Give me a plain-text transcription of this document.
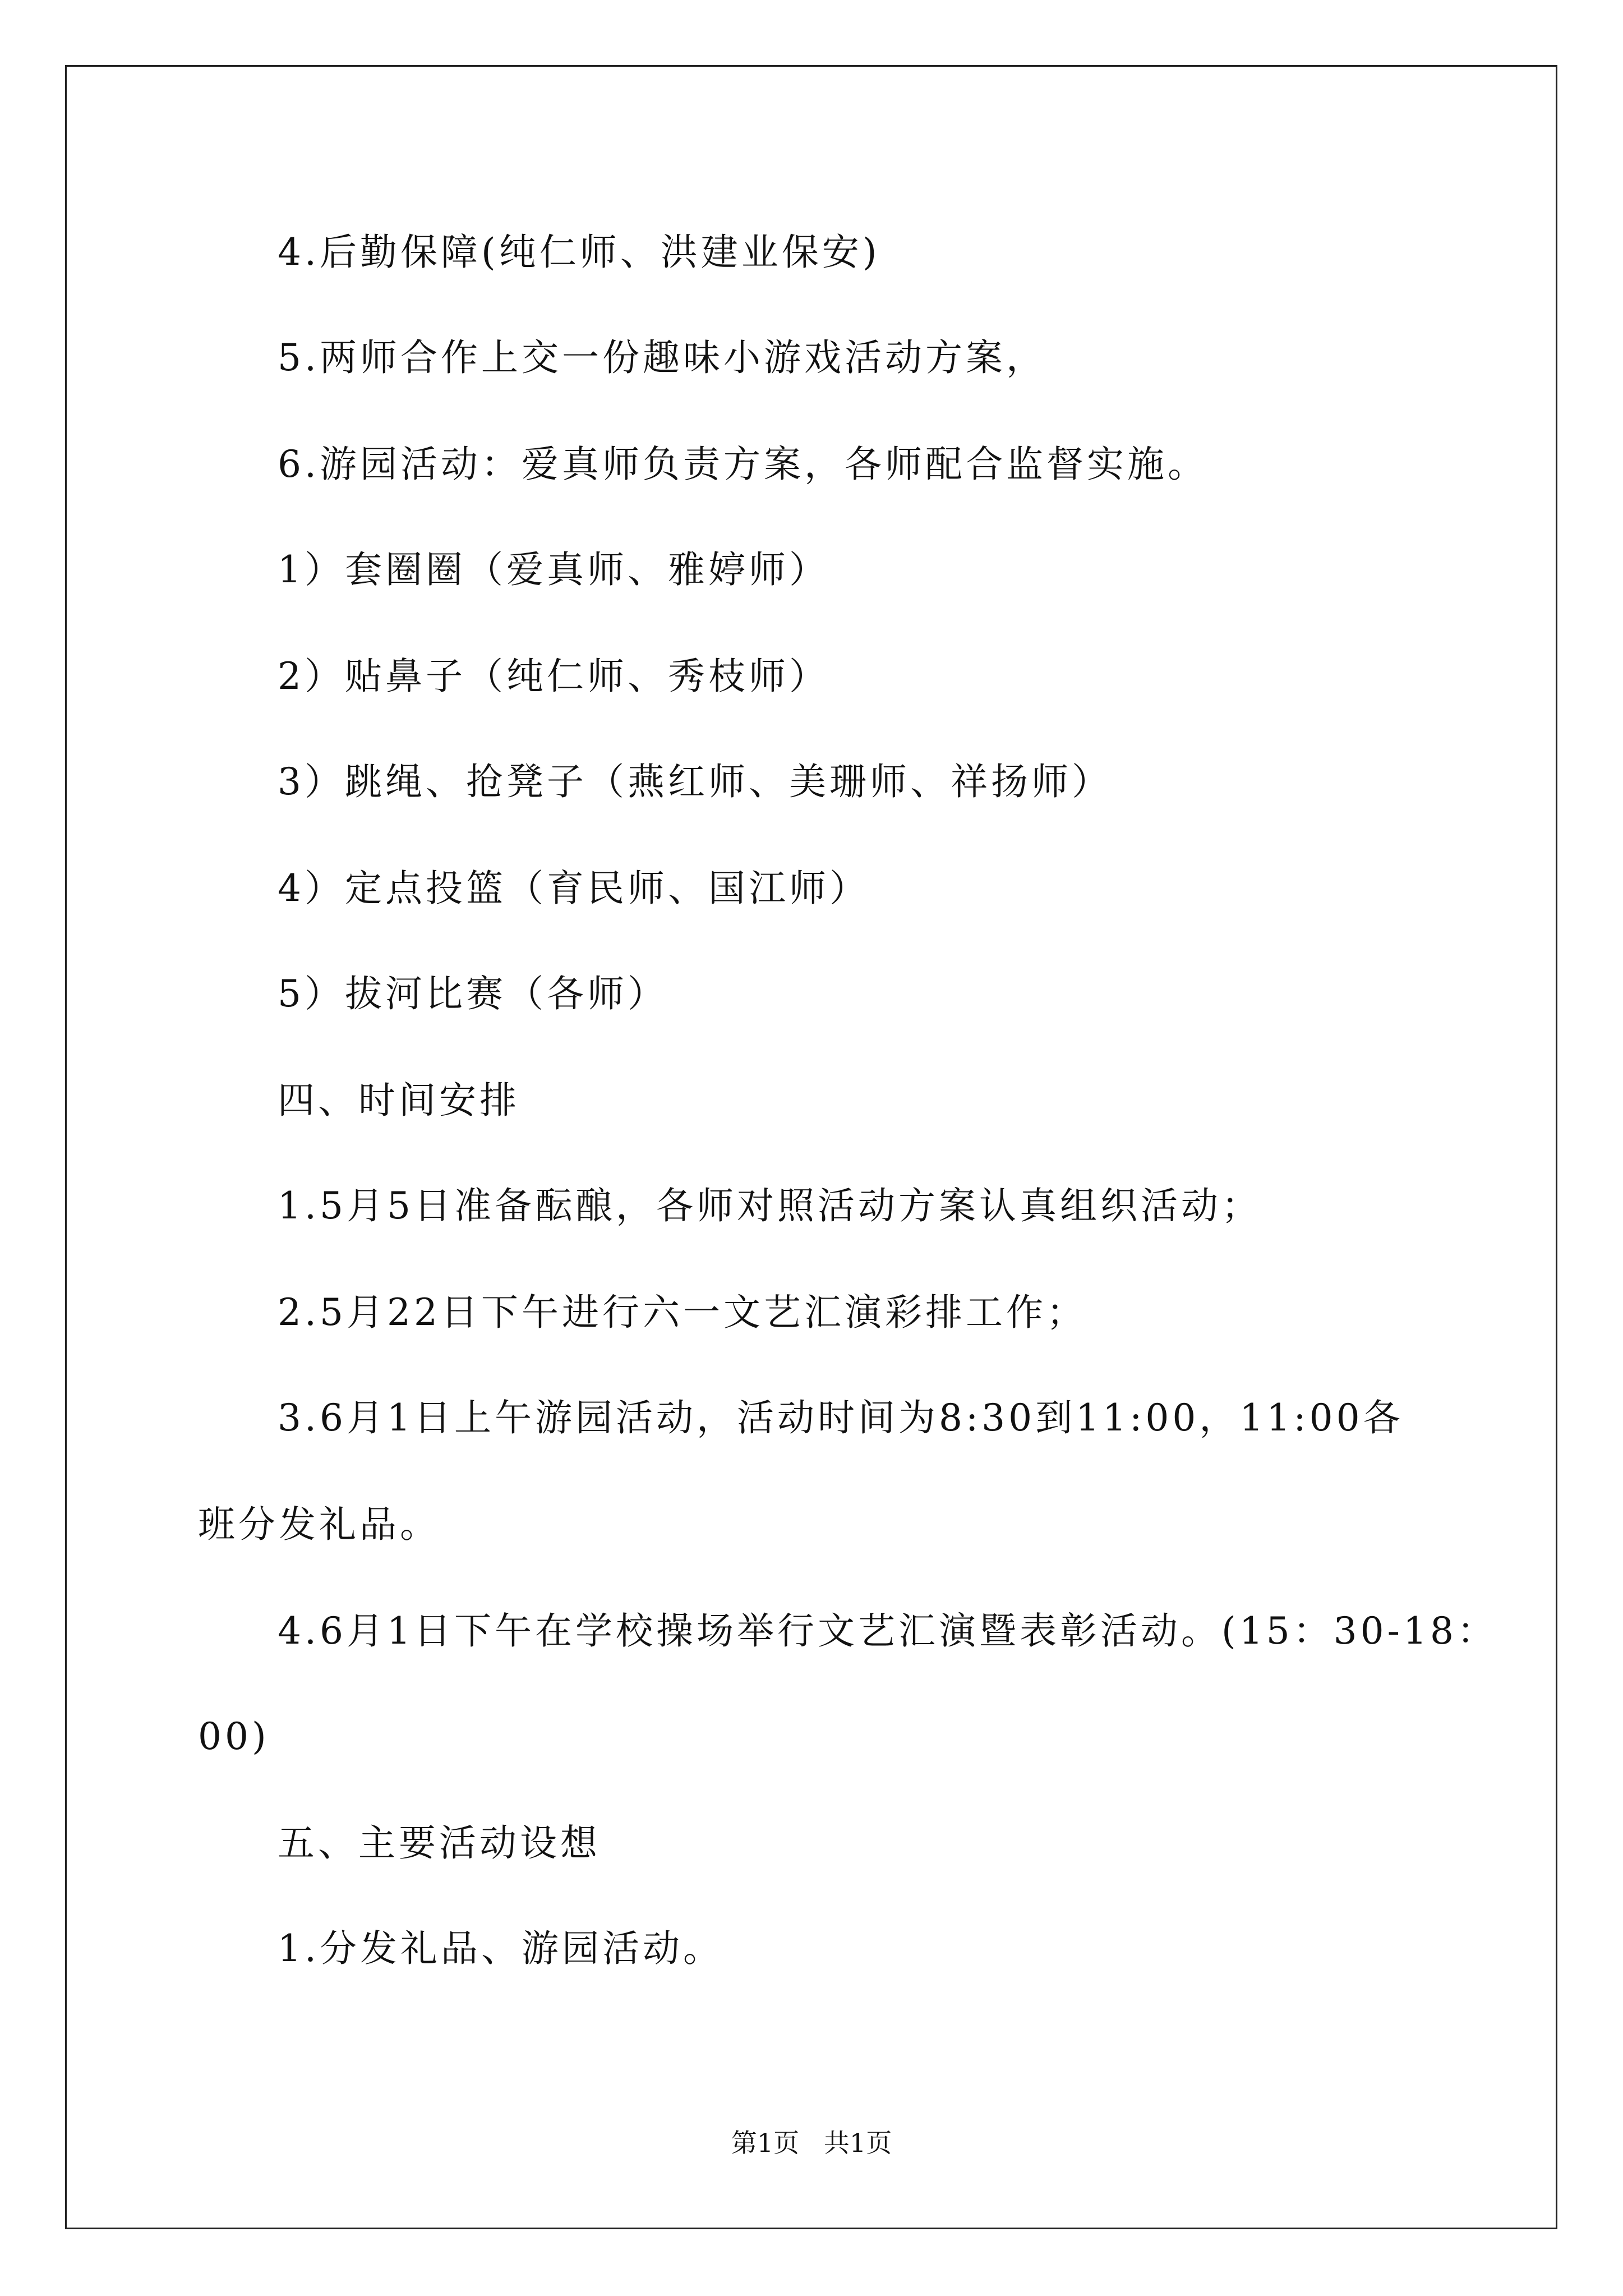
4.后勤保障(纯仁师、洪建业保安)

5.两师合作上交一份趣味小游戏活动方案，

6.游园活动：爱真师负责方案，各师配合监督实施。

1）套圈圈（爱真师、雅婷师）

2）贴鼻子（纯仁师、秀枝师）

3）跳绳、抢凳子（燕红师、美珊师、祥扬师）

4）定点投篮（育民师、国江师）

5）拔河比赛（各师）

四、时间安排

1.5月5日准备酝酿，各师对照活动方案认真组织活动；

2.5月22日下午进行六一文艺汇演彩排工作；

3.6月1日上午游园活动，活动时间为8:30到11:00，11:00各

班分发礼品。

4.6月1日下午在学校操场举行文艺汇演暨表彰活动。(15：30-18：

00)

五、主要活动设想

1.分发礼品、游园活动。

第1页   共1页
